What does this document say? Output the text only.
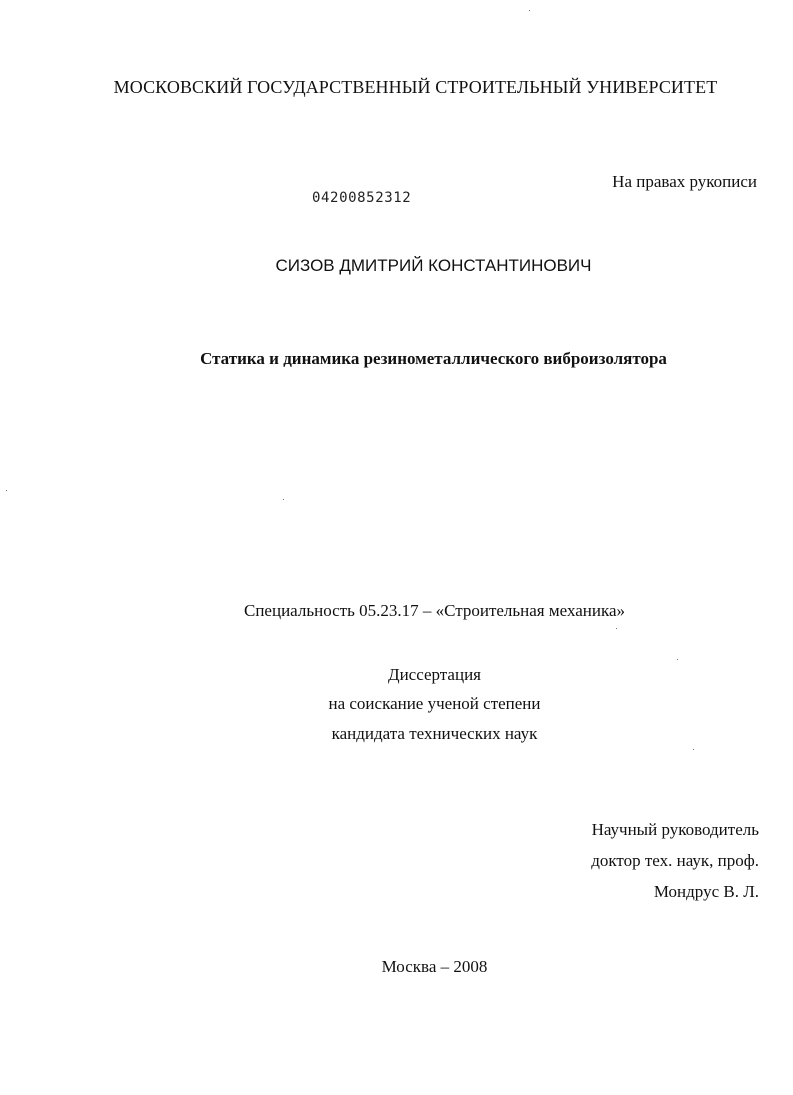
МОСКОВСКИЙ ГОСУДАРСТВЕННЫЙ СТРОИТЕЛЬНЫЙ УНИВЕРСИТЕТ
На правах рукописи
04200852312
СИЗОВ ДМИТРИЙ КОНСТАНТИНОВИЧ
Статика и динамика резинометаллического виброизолятора
Специальность 05.23.17 – «Строительная механика»
Диссертация
на соискание ученой степени
кандидата технических наук
Научный руководитель
доктор тех. наук, проф.
Мондрус В. Л.
Москва – 2008
